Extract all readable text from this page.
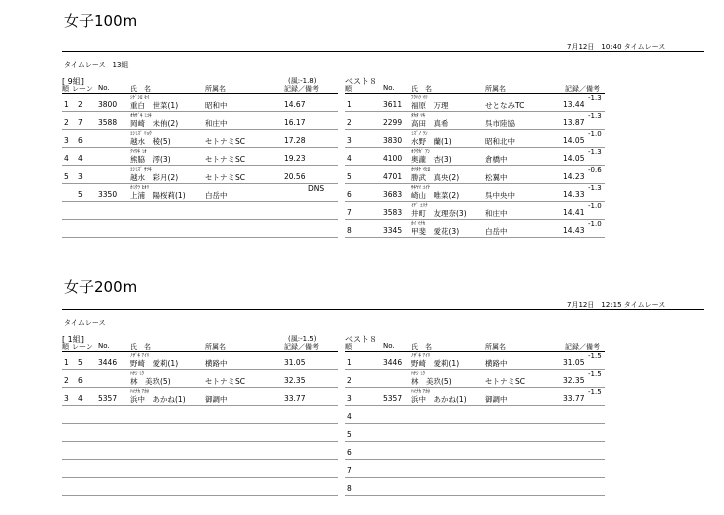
女子100m
7月12日　10:40 タイムレース
タイムレース　13組
[ 9組]	(風:-1.8)
順 レーン No.	氏　名	所属名	記録／備考
ｼｹﾞｼﾛ ｾｲ
1 2 3800 重白　世菜(1)	昭和中	14.67
ｵｶｻﾞｷ ﾐﾕｷ
2 7 3588 岡崎　未侑(2)	和庄中	16.17
ｺｼﾐｽﾞ ﾘｮｳ
3 6	越水　稜(5)	セトナミSC	17.28
ｸﾏﾜｷ ﾐｵ
4 4	熊脇　澪(3)	セトナミSC	19.23
ｺｼﾐｽﾞ ｻﾂｷ
5 3	越水　彩月(2)	セトナミSC	20.56
ｶﾐｳﾗ ﾋｵﾘ
5 3350 上浦　陽桜莉(1)	白岳中
DNS
ベスト８
順	No. 氏　名	所属名	記録／備考
ﾌｸﾊﾗ ﾏﾘ	-1.3
1	3611 福原　万理	せとなみTC	13.44
ﾀｶﾀ ﾏｷ	-1.3
2	2299 高田　真希	呉市陸協	13.87
ﾐｽﾞﾉ ﾗﾝ	-1.0
3	3830 水野　蘭(1)	昭和北中	14.05
ｵｸｳｶﾞ ｱﾝ	-1.3
4	4100 奥瀧　杏(3)	倉橋中	14.05
ｶﾂﾀｹ ﾏﾋﾛ	-0.6
5	4701 勝武　真央(2)	松翼中	14.23
ｻｷﾔﾏ ﾕｲﾅ	-1.3
6	3683 崎山　唯菜(2)	呉中央中	14.33
ｲﾃﾞ ﾕﾘﾅ	-1.0
7	3583 井町　友理奈(3) 和庄中	14.41
ｶｲ ﾏﾅｶ	-1.0
8	3345 甲斐　愛花(3)	白岳中	14.43
女子200m
7月12日　12:15 タイムレース
タイムレース
[ 1組]	(風:-1.5)
順 レーン No.	氏　名	所属名	記録／備考
ﾉｻﾞｷ ｱｲﾘ
1 5 3446 野崎　愛莉(1)	横路中	31.05
ﾊﾔｼ ﾐｸ
2 6	林　美玖(5)	セトナミSC	32.35
ﾊﾏﾅｶ ｱｶﾈ
3 4 5357 浜中　あかね(1)	御調中	33.77
ベスト８
順	No. 氏　名	所属名	記録／備考
ﾉｻﾞｷ ｱｲﾘ	-1.5
1	3446 野崎　愛莉(1)	横路中	31.05
ﾊﾔｼ ﾐｸ	-1.5
2	林　美玖(5)	セトナミSC	32.35
ﾊﾏﾅｶ ｱｶﾈ	-1.5
3	5357 浜中　あかね(1) 御調中	33.77
4
5
6
7
8
